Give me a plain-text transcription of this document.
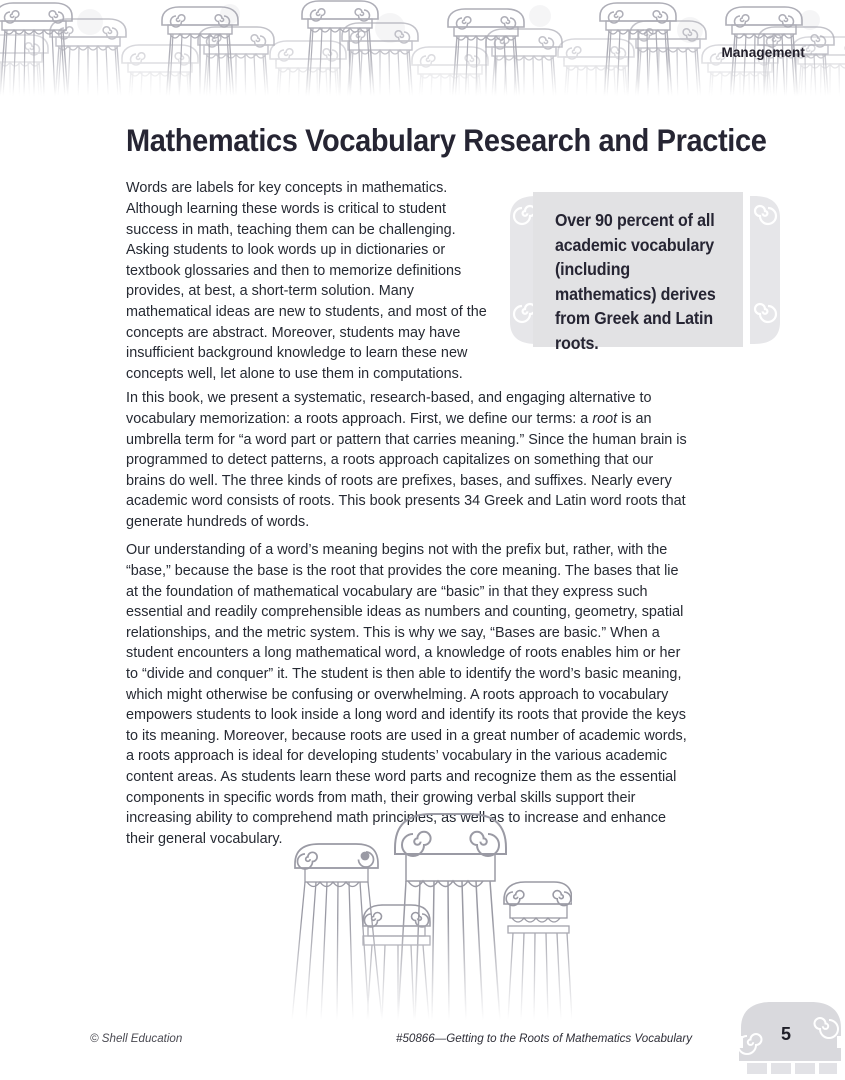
Management
Mathematics Vocabulary Research and Practice

Words are labels for key concepts in mathematics. Although learning these words is critical to student success in math, teaching them can be challenging. Asking students to look words up in dictionaries or textbook glossaries and then to memorize definitions provides, at best, a short-term solution. Many mathematical ideas are new to students, and most of the concepts are abstract. Moreover, students may have insufficient background knowledge to learn these new concepts well, let alone to use them in computations.

Over 90 percent of all academic vocabulary (including mathematics) derives from Greek and Latin roots.

In this book, we present a systematic, research-based, and engaging alternative to vocabulary memorization: a roots approach. First, we define our terms: a root is an umbrella term for “a word part or pattern that carries meaning.” Since the human brain is programmed to detect patterns, a roots approach capitalizes on something that our brains do well. The three kinds of roots are prefixes, bases, and suffixes. Nearly every academic word consists of roots. This book presents 34 Greek and Latin word roots that generate hundreds of words.

Our understanding of a word’s meaning begins not with the prefix but, rather, with the “base,” because the base is the root that provides the core meaning. The bases that lie at the foundation of mathematical vocabulary are “basic” in that they express such essential and readily comprehensible ideas as numbers and counting, geometry, spatial relationships, and the metric system. This is why we say, “Bases are basic.” When a student encounters a long mathematical word, a knowledge of roots enables him or her to “divide and conquer” it. The student is then able to identify the word’s basic meaning, which might otherwise be confusing or overwhelming. A roots approach to vocabulary empowers students to look inside a long word and identify its roots that provide the keys to its meaning. Moreover, because roots are used in a great number of academic words, a roots approach is ideal for developing students’ vocabulary in the various academic content areas. As students learn these word parts and recognize them as the essential components in specific words from math, their growing verbal skills support their increasing ability to comprehend math principles, as well as to increase and enhance their general vocabulary.

© Shell Education	#50866—Getting to the Roots of Mathematics Vocabulary	5
